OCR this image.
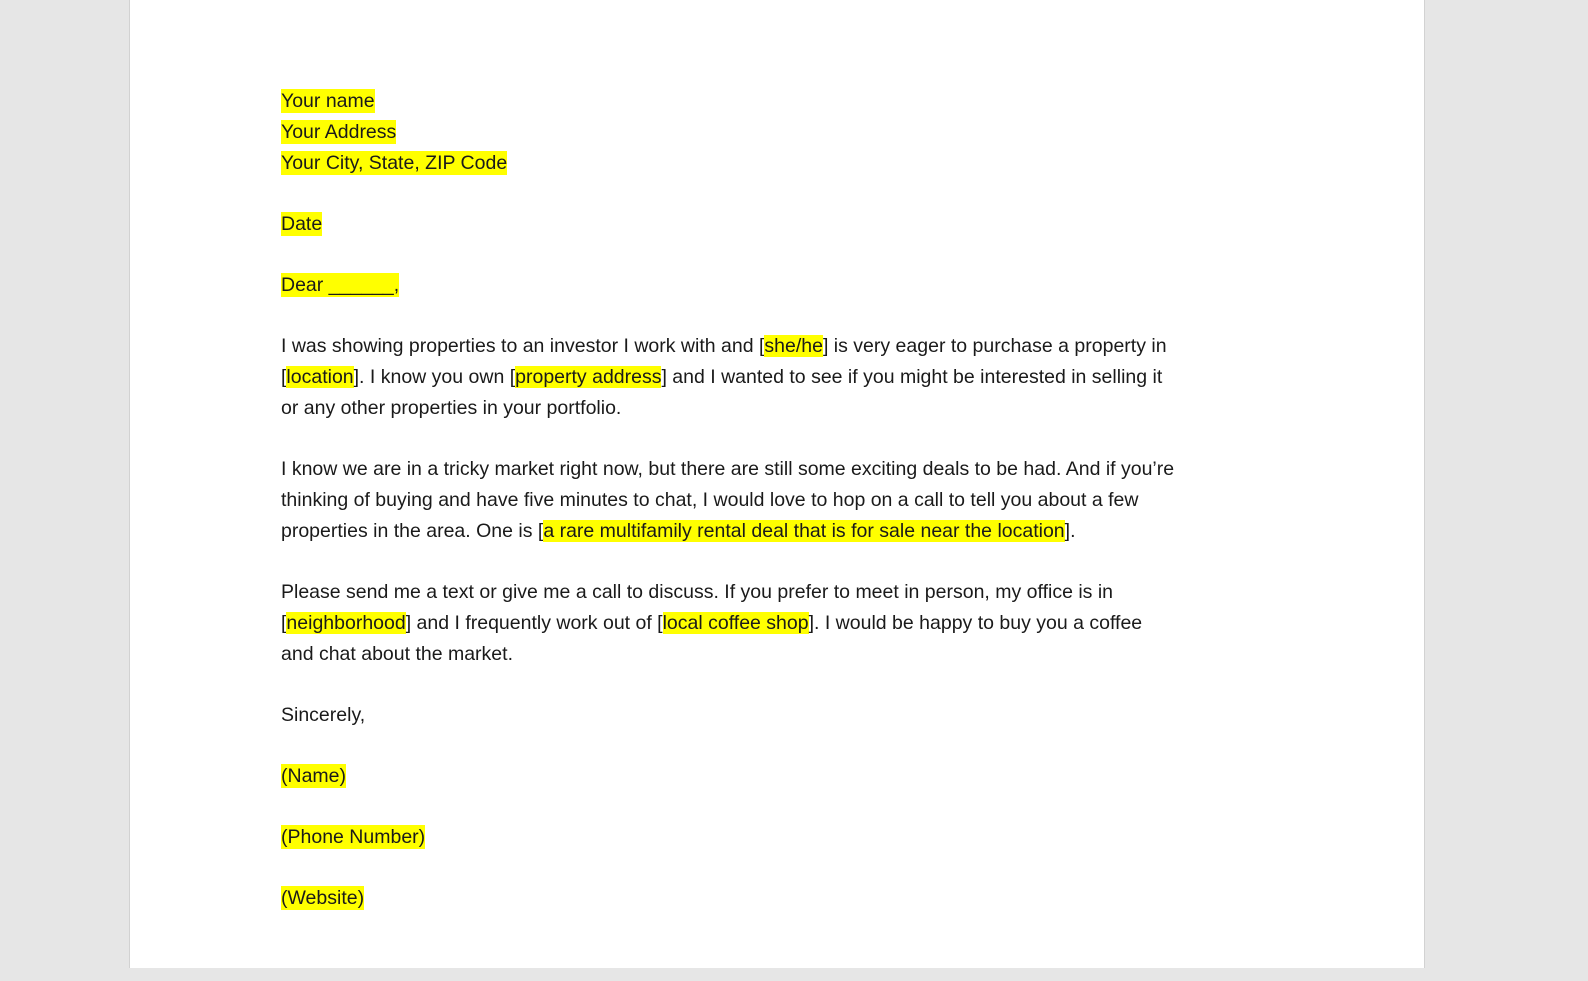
Your name

Your Address

Your City, State, ZIP Code

Date

Dear ______,

I was showing properties to an investor I work with and [she/he] is very eager to purchase a property in

[location]. I know you own [property address] and I wanted to see if you might be interested in selling it

or any other properties in your portfolio.

I know we are in a tricky market right now, but there are still some exciting deals to be had. And if you’re

thinking of buying and have five minutes to chat, I would love to hop on a call to tell you about a few

properties in the area. One is [a rare multifamily rental deal that is for sale near the location].

Please send me a text or give me a call to discuss. If you prefer to meet in person, my office is in

[neighborhood] and I frequently work out of [local coffee shop]. I would be happy to buy you a coffee

and chat about the market.

Sincerely,

(Name)

(Phone Number)

(Website)
